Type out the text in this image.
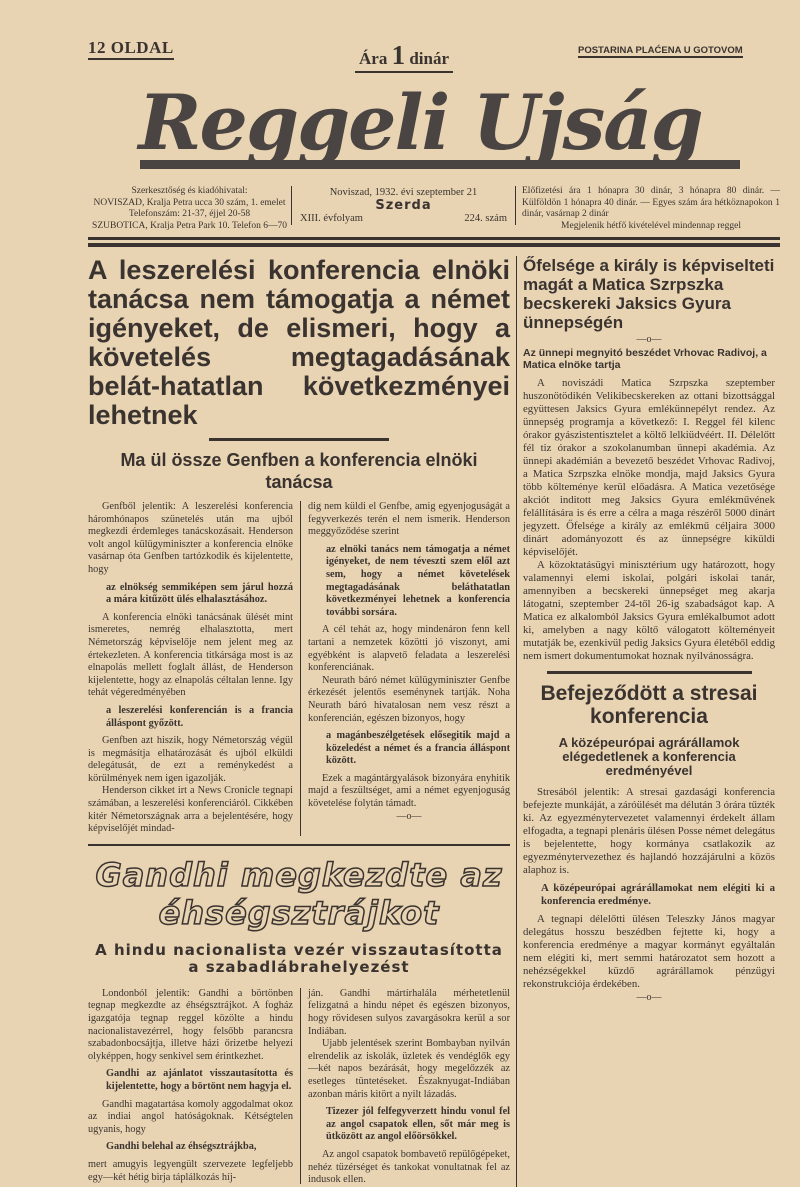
12 OLDAL
Ára 1 dinár	POSTARINA PLAĆENA U GOTOVOM
Reggeli Ujság
Szerkesztőség és kiadóhivatal:
NOVISZAD, Kralja Petra ucca 30 szám, 1. emelet
Telefonszám: 21-37, éjjel 20-58
SZUBOTICA, Kralja Petra Park 10. Telefon 6—70
Noviszad, 1932. évi szeptember 21
Szerda
XIII. évfolyam	224. szám
Előfizetési ára 1 hónapra 30 dinár, 3 hónapra 80 dinár. — Külföldön 1 hónapra 40 dinár. — Egyes szám ára hétköznapokon 1 dinár, vasárnap 2 dinár
Megjelenik hétfő kivételével mindennap reggel
A leszerelési konferencia elnöki tanácsa nem támogatja a német igényeket, de elismeri, hogy a követelés megtagadásának belát-hatatlan következményei lehetnek
Ma ül össze Genfben a konferencia elnöki tanácsa

Genfből jelentik: A leszerelési konferencia háromhónapos szünetelés után ma ujból megkezdi érdemleges tanácskozásait. Henderson volt angol külügyminiszter a konferencia elnöke vasárnap óta Genfben tartózkodik és kijelentette, hogy

az elnökség semmiképen sem járul hozzá a mára kitűzött ülés elhalasztásához.

A konferencia elnöki tanácsának ülését mint ismeretes, nemrég elhalasztotta, mert Németország képviselője nem jelent meg az értekezleten. A konferencia titkársága most is az elnapolás mellett foglalt állást, de Henderson kijelentette, hogy az elnapolás céltalan lenne. Igy tehát végeredményében

a leszerelési konferencián is a francia álláspont győzött.

Genfben azt hiszik, hogy Németország végül is megmásítja elhatározását és ujból elküldi delegátusát, de ezt a reménykedést a körülmények nem igen igazolják.

Henderson cikket irt a News Cronicle tegnapi számában, a leszerelési konferenciáról. Cikkében kitér Németországnak arra a bejelentésére, hogy képviselőjét mindad-

dig nem küldi el Genfbe, amig egyenjoguságát a fegyverkezés terén el nem ismerik. Henderson meggyőződése szerint

az elnöki tanács nem támogatja a német igényeket, de nem téveszti szem elől azt sem, hogy a német követelések megtagadásának beláthatatlan következményei lehetnek a konferencia további sorsára.

A cél tehát az, hogy mindenáron fenn kell tartani a nemzetek közötti jó viszonyt, ami egyébként is alapvető feladata a leszerelési konferenciának.

Neurath báró német külügyminiszter Genfbe érkezését jelentős eseménynek tartják. Noha Neurath báró hivatalosan nem vesz részt a konferencián, egészen bizonyos, hogy

a magánbeszélgetések elősegitik majd a közeledést a német és a francia álláspont között.

Ezek a magántárgyalások bizonyára enyhitik majd a feszültséget, ami a német egyenjoguság követelése folytán támadt.

—o—
Gandhi megkezdte az éhségsztrájkot
A hindu nacionalista vezér visszautasította a szabadlábrahelyezést

Londonból jelentik: Gandhi a börtönben tegnap megkezdte az éhségsztrájkot. A fogház igazgatója tegnap reggel közölte a hindu nacionalistavezérrel, hogy felsőbb parancsra szabadonbocsájtja, illetve házi őrizetbe helyezi olyképpen, hogy senkivel sem érintkezhet.

Gandhi az ajánlatot visszautasította és kijelentette, hogy a börtönt nem hagyja el.

Gandhi magatartása komoly aggodalmat okoz az indiai angol hatóságoknak. Kétségtelen ugyanis, hogy

Gandhi belehal az éhségsztrájkba,

mert amugyis legyengült szervezete legfeljebb egy—két hétig birja táplálkozás híj-

ján. Gandhi mártírhalála mérhetetlenül felizgatná a hindu népet és egészen bizonyos, hogy rövidesen sulyos zavargásokra kerül a sor Indiában.

Ujabb jelentések szerint Bombayban nyilván elrendelik az iskolák, üzletek és vendéglők egy—két napos bezárását, hogy megelőzzék az esetleges tüntetéseket. Északnyugat-Indiában azonban máris kitört a nyilt lázadás.

Tizezer jól felfegyverzett hindu vonul fel az angol csapatok ellen, sőt már meg is ütközött az angol előörsökkel.

Az angol csapatok bombavető repülőgépeket, nehéz tüzérséget és tankokat vonultatnak fel az indusok ellen.

Őfelsége a király is képviselteti magát a Matica Szrpszka becskereki Jaksics Gyura ünnepségén
—o—
Az ünnepi megnyitó beszédet Vrhovac Radivoj, a Matica elnöke tartja

A noviszádi Matica Szrpszka szeptember huszonötödikén Velikibecskereken az ottani bizottsággal együttesen Jaksics Gyura emlékünnepélyt rendez. Az ünnepség programja a következő: I. Reggel fél kilenc órakor gyászistentisztelet a költő lelkiüdvéért. II. Délelőtt fél tiz órakor a szokolanumban ünnepi akadémia. Az ünnepi akadémián a bevezető beszédet Vrhovac Radivoj, a Matica Szrpszka elnöke mondja, majd Jaksics Gyura több költeménye kerül előadásra. A Matica vezetősége akciót inditott meg Jaksics Gyura emlékművének felállítására is és erre a célra a maga részéről 5000 dinárt jegyzett. Őfelsége a király az emlékmű céljaira 3000 dinárt adományozott és az ünnepségre kiküldi képviselőjét.

A közoktatásügyi minisztérium ugy határozott, hogy valamennyi elemi iskolai, polgári iskolai tanár, amennyiben a becskereki ünnepséget meg akarja látogatni, szeptember 24-től 26-ig szabadságot kap. A Matica ez alkalomból Jaksics Gyura emlékalbumot adott ki, amelyben a nagy költő válogatott költeményeit mutatják be, ezenkivül pedig Jaksics Gyura életéből eddig nem ismert dokumentumokat hoznak nyilvánosságra.

Befejeződött a stresai konferencia
A középeurópai agrárállamok elégedetlenek a konferencia eredményével

Stresából jelentik: A stresai gazdasági konferencia befejezte munkáját, a záróülését ma délután 3 órára tűzték ki. Az egyezménytervezetet valamennyi érdekelt állam elfogadta, a tegnapi plenáris ülésen Posse német delegátus is bejelentette, hogy kormánya csatlakozik az egyezménytervezethez és hajlandó hozzájárulni a közös alaphoz is.

A középeurópai agrárállamokat nem elégiti ki a konferencia eredménye.

A tegnapi délelőtti ülésen Teleszky János magyar delegátus hosszu beszédben fejtette ki, hogy a konferencia eredménye a magyar kormányt egyáltalán nem elégiti ki, mert semmi határozatot sem hozott a nehézségekkel küzdő agrárállamok pénzügyi rekonstrukciója érdekében.

—o—
